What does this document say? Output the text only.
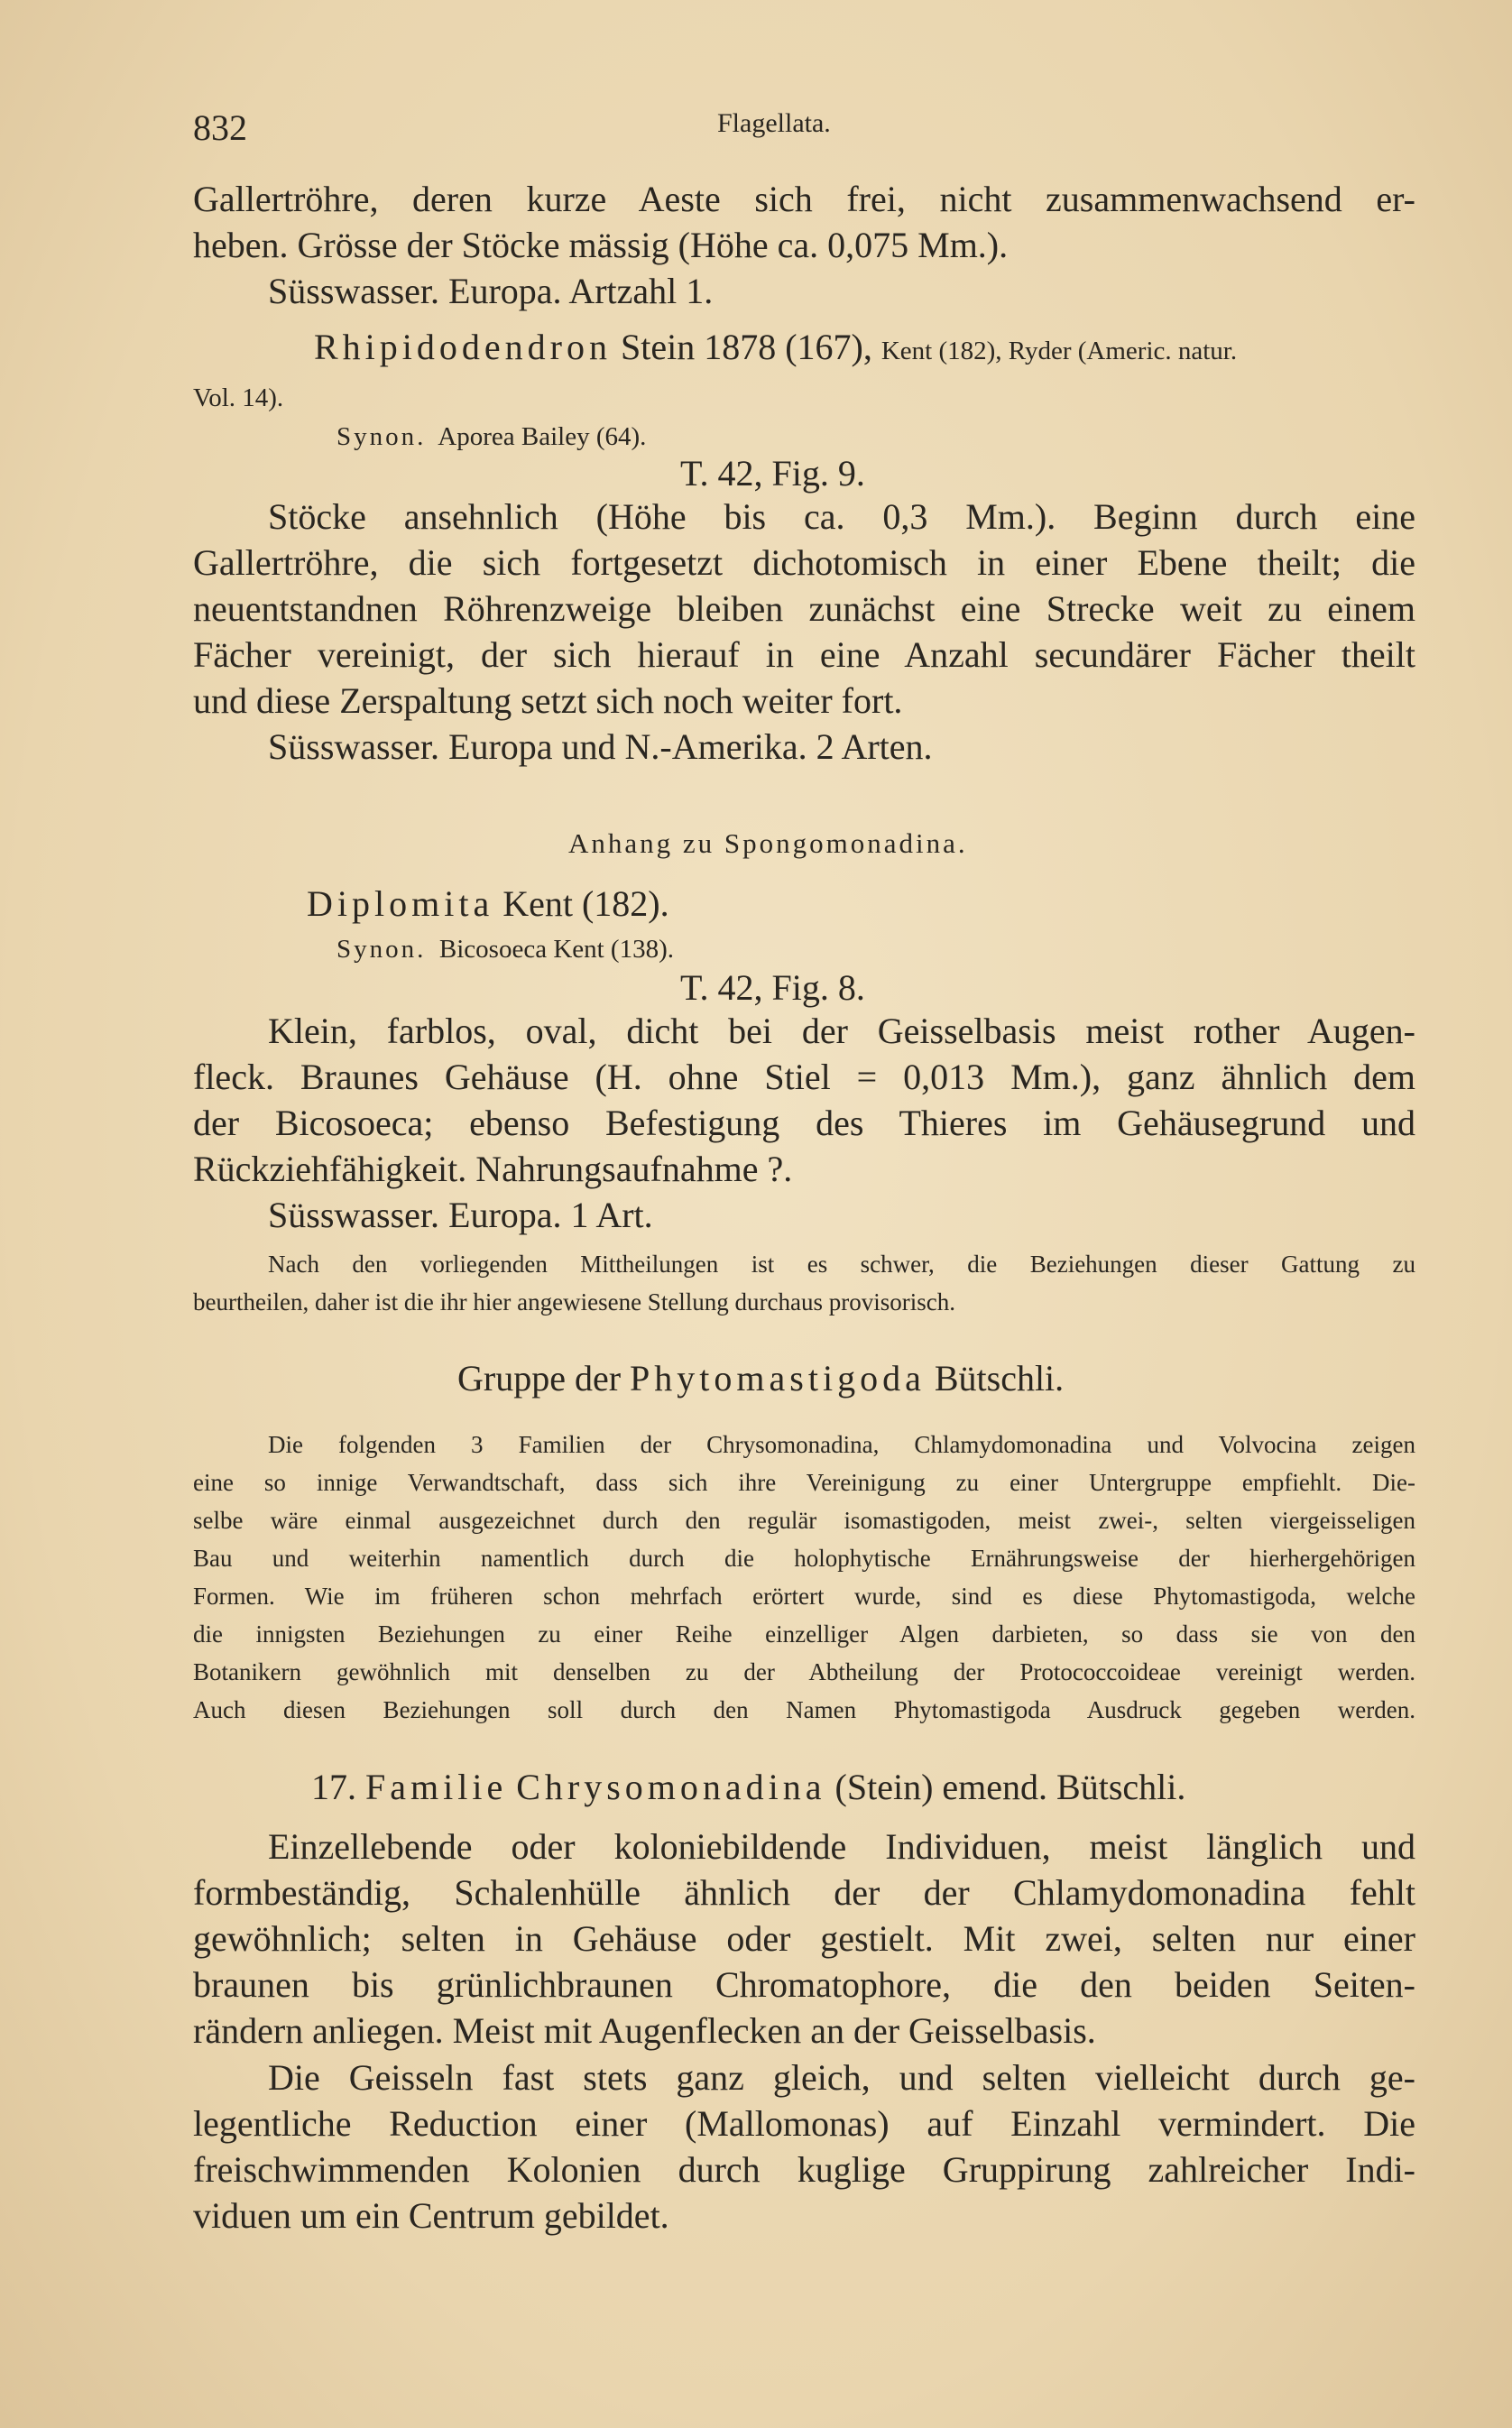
832	Flagellata.
Gallertröhre, deren kurze Aeste sich frei, nicht zusammenwachsend er-
heben. Grösse der Stöcke mässig (Höhe ca. 0,075 Mm.).
Süsswasser. Europa. Artzahl 1.
Rhipidodendron Stein 1878 (167), Kent (182), Ryder (Americ. natur.
Vol. 14).
Synon. Aporea Bailey (64).
T. 42, Fig. 9.
Stöcke ansehnlich (Höhe bis ca. 0,3 Mm.). Beginn durch eine
Gallertröhre, die sich fortgesetzt dichotomisch in einer Ebene theilt; die
neuentstandnen Röhrenzweige bleiben zunächst eine Strecke weit zu einem
Fächer vereinigt, der sich hierauf in eine Anzahl secundärer Fächer theilt
und diese Zerspaltung setzt sich noch weiter fort.
Süsswasser. Europa und N.-Amerika. 2 Arten.
Anhang zu Spongomonadina.
Diplomita Kent (182).
Synon. Bicosoeca Kent (138).
T. 42, Fig. 8.
Klein, farblos, oval, dicht bei der Geisselbasis meist rother Augen-
fleck. Braunes Gehäuse (H. ohne Stiel = 0,013 Mm.), ganz ähnlich dem
der Bicosoeca; ebenso Befestigung des Thieres im Gehäusegrund und
Rückziehfähigkeit. Nahrungsaufnahme ?.
Süsswasser. Europa. 1 Art.
Nach den vorliegenden Mittheilungen ist es schwer, die Beziehungen dieser Gattung zu
beurtheilen, daher ist die ihr hier angewiesene Stellung durchaus provisorisch.
Gruppe der Phytomastigoda Bütschli.
Die folgenden 3 Familien der Chrysomonadina, Chlamydomonadina und Volvocina zeigen
eine so innige Verwandtschaft, dass sich ihre Vereinigung zu einer Untergruppe empfiehlt. Die-
selbe wäre einmal ausgezeichnet durch den regulär isomastigoden, meist zwei-, selten viergeisseligen
Bau und weiterhin namentlich durch die holophytische Ernährungsweise der hierhergehörigen
Formen. Wie im früheren schon mehrfach erörtert wurde, sind es diese Phytomastigoda, welche
die innigsten Beziehungen zu einer Reihe einzelliger Algen darbieten, so dass sie von den
Botanikern gewöhnlich mit denselben zu der Abtheilung der Protococcoideae vereinigt werden.
Auch diesen Beziehungen soll durch den Namen Phytomastigoda Ausdruck gegeben werden.
17. Familie Chrysomonadina (Stein) emend. Bütschli.
Einzellebende oder koloniebildende Individuen, meist länglich und
formbeständig, Schalenhülle ähnlich der der Chlamydomonadina fehlt
gewöhnlich; selten in Gehäuse oder gestielt. Mit zwei, selten nur einer
braunen bis grünlichbraunen Chromatophore, die den beiden Seiten-
rändern anliegen. Meist mit Augenflecken an der Geisselbasis.
Die Geisseln fast stets ganz gleich, und selten vielleicht durch ge-
legentliche Reduction einer (Mallomonas) auf Einzahl vermindert. Die
freischwimmenden Kolonien durch kuglige Gruppirung zahlreicher Indi-
viduen um ein Centrum gebildet.
